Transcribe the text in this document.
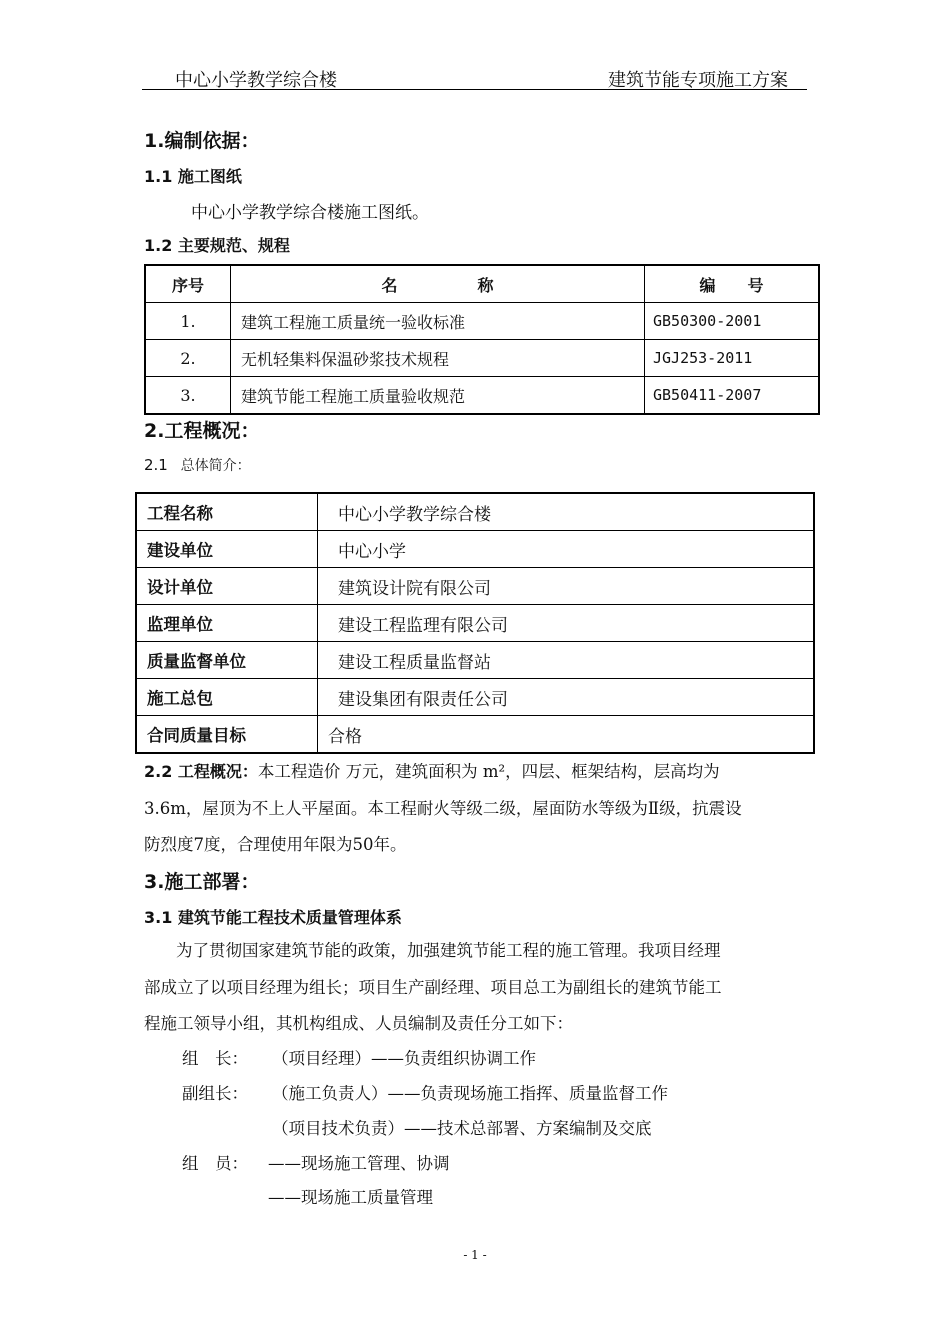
中心小学教学综合楼	建筑节能专项施工方案
1.编制依据：
1.1 施工图纸
中心小学教学综合楼施工图纸。
1.2 主要规范、规程
序号	名　　　　　称	编　　号
1.	建筑工程施工质量统一验收标准	GB50300-2001
2.	无机轻集料保温砂浆技术规程	JGJ253-2011
3.	建筑节能工程施工质量验收规范	GB50411-2007
2.工程概况：
2.1 总体简介：
工程名称	中心小学教学综合楼
建设单位	中心小学
设计单位	建筑设计院有限公司
监理单位	建设工程监理有限公司
质量监督单位	建设工程质量监督站
施工总包	建设集团有限责任公司
合同质量目标	合格
2.2 工程概况：本工程造价 万元，建筑面积为 m²，四层、框架结构，层高均为
3.6m，屋顶为不上人平屋面。本工程耐火等级二级，屋面防水等级为Ⅱ级，抗震设
防烈度7度，合理使用年限为50年。
3.施工部署：
3.1 建筑节能工程技术质量管理体系
为了贯彻国家建筑节能的政策，加强建筑节能工程的施工管理。我项目经理
部成立了以项目经理为组长；项目生产副经理、项目总工为副组长的建筑节能工
程施工领导小组，其机构组成、人员编制及责任分工如下：
组　长： （项目经理）——负责组织协调工作
副组长： （施工负责人）——负责现场施工指挥、质量监督工作
（项目技术负责）——技术总部署、方案编制及交底
组　员： ——现场施工管理、协调
——现场施工质量管理
- 1 -
